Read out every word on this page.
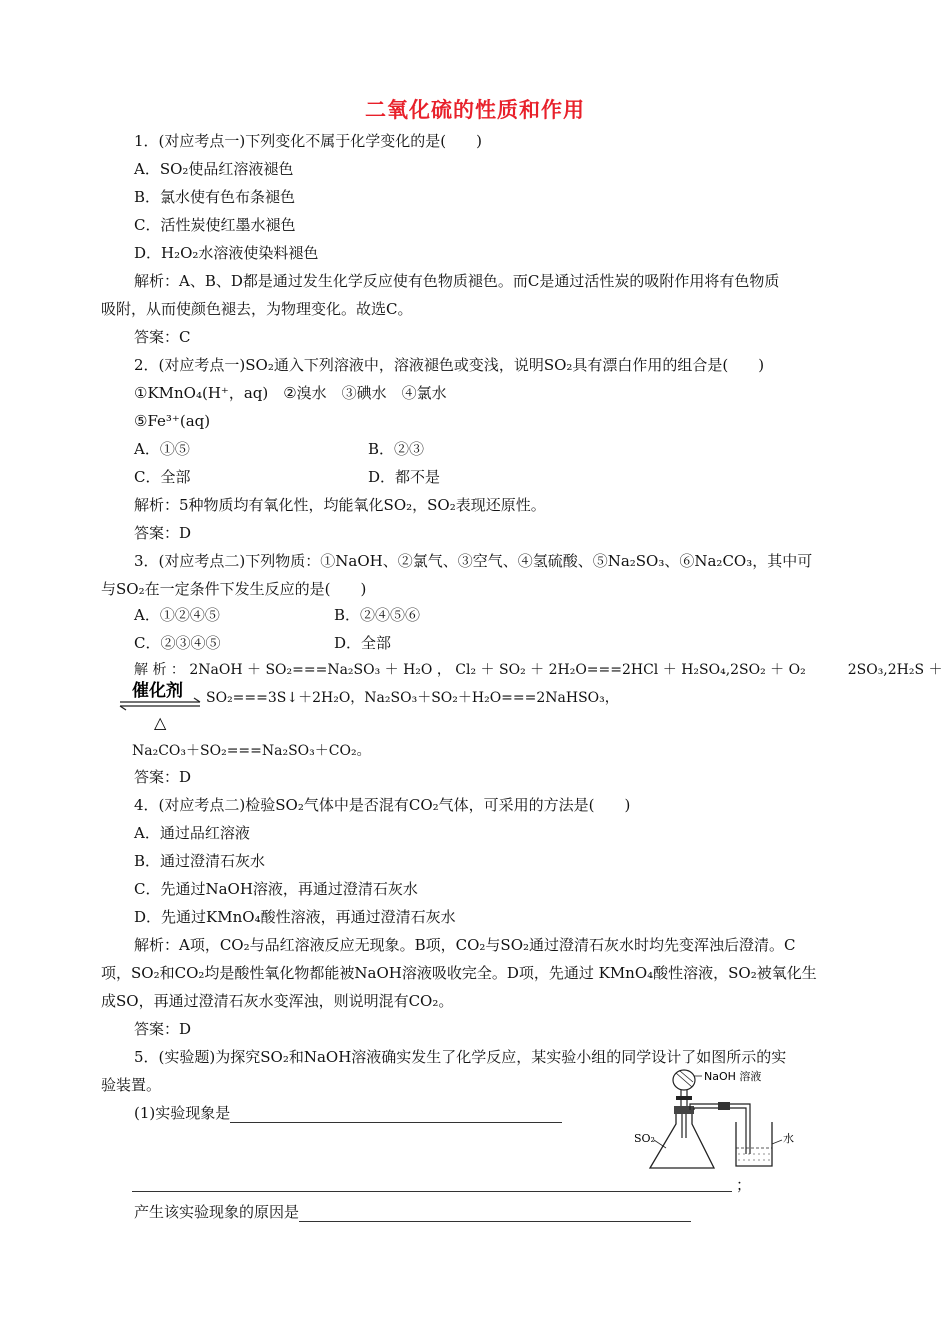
二氧化硫的性质和作用
1．(对应考点一)下列变化不属于化学变化的是(　　)
A．SO₂使品红溶液褪色
B．氯水使有色布条褪色
C．活性炭使红墨水褪色
D．H₂O₂水溶液使染料褪色
解析：A、B、D都是通过发生化学反应使有色物质褪色。而C是通过活性炭的吸附作用将有色物质
吸附，从而使颜色褪去，为物理变化。故选C。
答案：C
2．(对应考点一)SO₂通入下列溶液中，溶液褪色或变浅，说明SO₂具有漂白作用的组合是(　　)
①KMnO₄(H⁺，aq)　②溴水　③碘水　④氯水
⑤Fe³⁺(aq)
A．①⑤	B．②③
C．全部	D．都不是
解析：5种物质均有氧化性，均能氧化SO₂，SO₂表现还原性。
答案：D
3．(对应考点二)下列物质：①NaOH、②氯气、③空气、④氢硫酸、⑤Na₂SO₃、⑥Na₂CO₃，其中可
与SO₂在一定条件下发生反应的是(　　)
A．①②④⑤	B．②④⑤⑥
C．②③④⑤	D．全部
解 析 ： 2NaOH ＋ SO₂===Na₂SO₃ ＋ H₂O ， Cl₂ ＋ SO₂ ＋ 2H₂O===2HCl ＋ H₂SO₄,2SO₂ ＋ O₂　　　2SO₃,2H₂S ＋
催化剂
△
SO₂===3S↓＋2H₂O，Na₂SO₃＋SO₂＋H₂O===2NaHSO₃，
Na₂CO₃＋SO₂===Na₂SO₃＋CO₂。
答案：D
4．(对应考点二)检验SO₂气体中是否混有CO₂气体，可采用的方法是(　　)
A．通过品红溶液
B．通过澄清石灰水
C．先通过NaOH溶液，再通过澄清石灰水
D．先通过KMnO₄酸性溶液，再通过澄清石灰水
解析：A项，CO₂与品红溶液反应无现象。B项，CO₂与SO₂通过澄清石灰水时均先变浑浊后澄清。C
项，SO₂和CO₂均是酸性氧化物都能被NaOH溶液吸收完全。D项，先通过 KMnO₄酸性溶液，SO₂被氧化生
成SO，再通过澄清石灰水变浑浊，则说明混有CO₂。
答案：D
5．(实验题)为探究SO₂和NaOH溶液确实发生了化学反应，某实验小组的同学设计了如图所示的实
验装置。
(1)实验现象是
；
产生该实验现象的原因是
NaOH 溶液
SO₂	水
